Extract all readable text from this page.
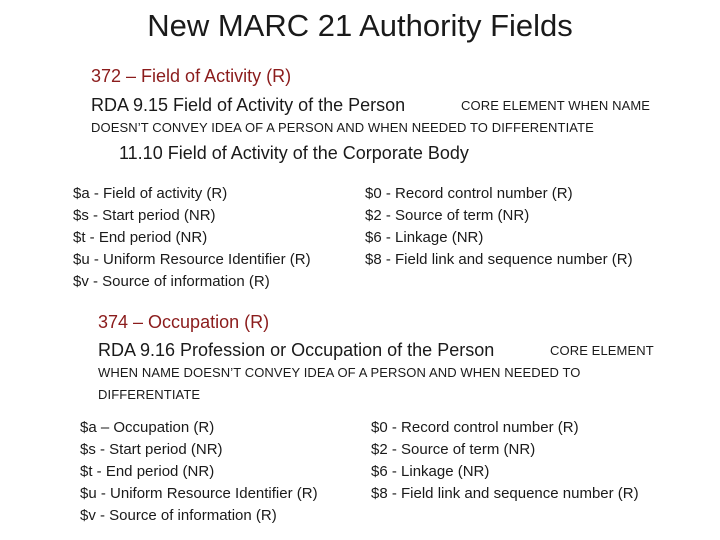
New MARC 21 Authority Fields
372 – Field of Activity (R)
RDA 9.15 Field of Activity of the Person	CORE ELEMENT WHEN NAME
DOESN’T CONVEY IDEA OF A PERSON AND WHEN NEEDED TO DIFFERENTIATE
11.10 Field of Activity of the Corporate Body
$a - Field of activity (R)
$s - Start period (NR)
$t - End period (NR)
$u - Uniform Resource Identifier (R)
$v - Source of information (R)
$0 - Record control number (R)
$2 - Source of term (NR)
$6 - Linkage (NR)
$8 - Field link and sequence number (R)
374 – Occupation (R)
RDA 9.16 Profession or Occupation of the Person	CORE ELEMENT
WHEN NAME DOESN’T CONVEY IDEA OF A PERSON AND WHEN NEEDED TO
DIFFERENTIATE
$a – Occupation (R)
$s - Start period (NR)
$t - End period (NR)
$u - Uniform Resource Identifier (R)
$v - Source of information (R)
$0 - Record control number (R)
$2 - Source of term (NR)
$6 - Linkage (NR)
$8 - Field link and sequence number (R)
